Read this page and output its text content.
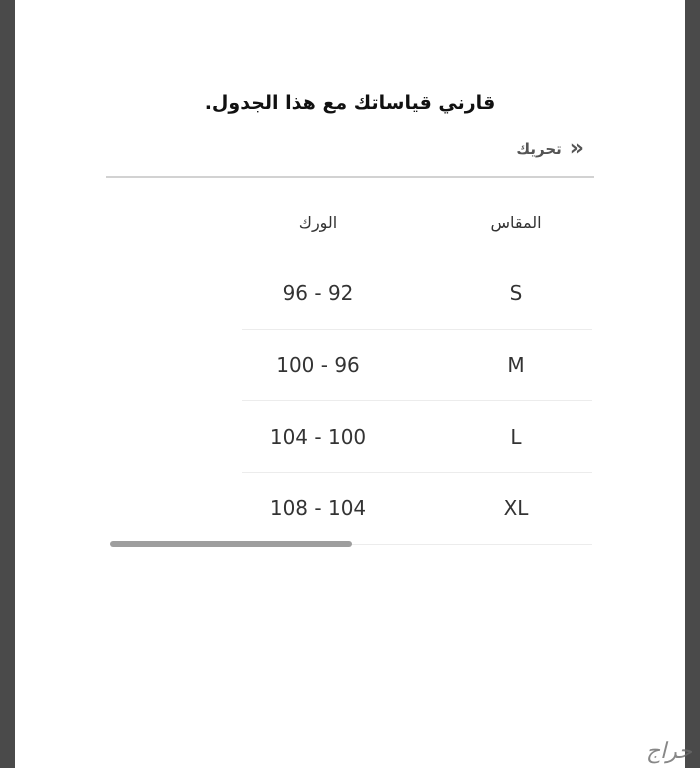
قارني قياساتك مع هذا الجدول.
«
تحريك
المقاس
الورك
S
96 - 92
M
100 - 96
L
104 - 100
XL
108 - 104
حراج
